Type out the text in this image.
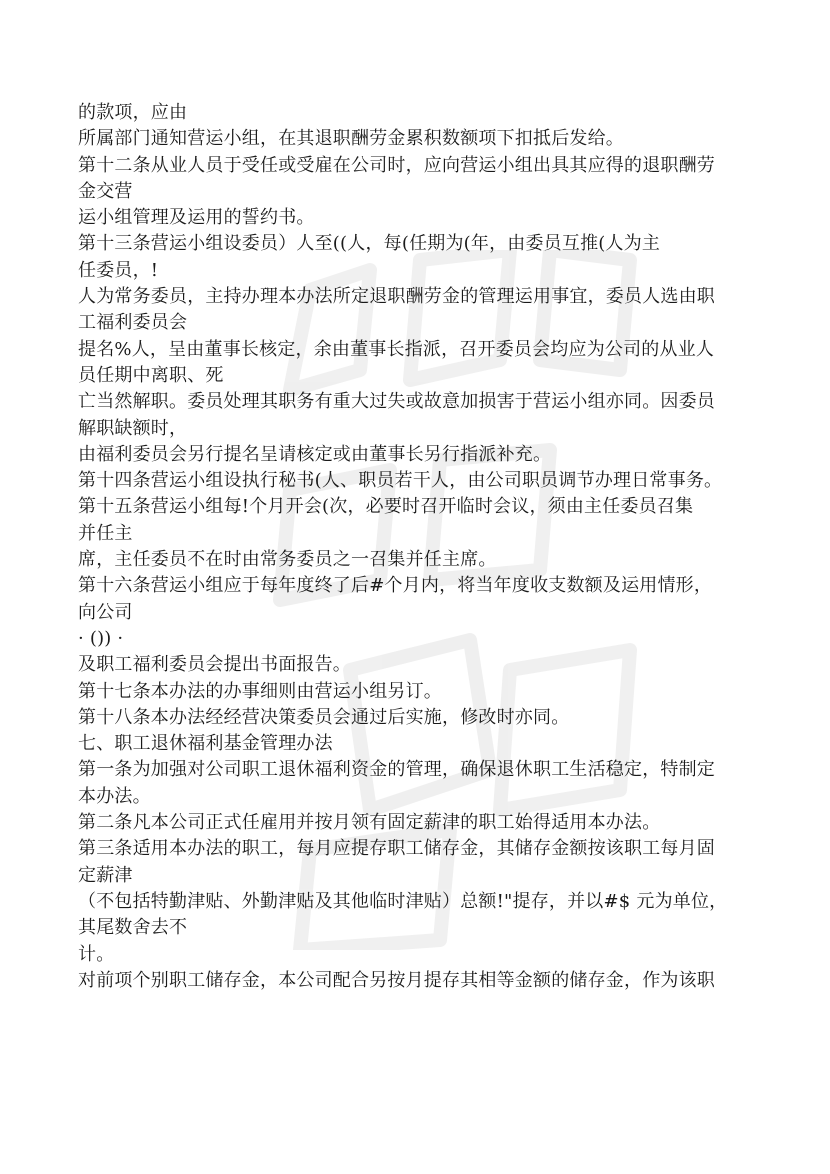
的款项，应由
所属部门通知营运小组，在其退职酬劳金累积数额项下扣抵后发给。
第十二条从业人员于受任或受雇在公司时，应向营运小组出具其应得的退职酬劳
金交营
运小组管理及运用的誓约书。
第十三条营运小组设委员）人至((人，每(任期为(年，由委员互推(人为主
任委员，!
人为常务委员，主持办理本办法所定退职酬劳金的管理运用事宜，委员人选由职
工福利委员会
提名%人，呈由董事长核定，余由董事长指派，召开委员会均应为公司的从业人
员任期中离职、死
亡当然解职。委员处理其职务有重大过失或故意加损害于营运小组亦同。因委员
解职缺额时，
由福利委员会另行提名呈请核定或由董事长另行指派补充。
第十四条营运小组设执行秘书(人、职员若干人，由公司职员调节办理日常事务。
第十五条营运小组每!个月开会(次，必要时召开临时会议，须由主任委员召集
并任主
席，主任委员不在时由常务委员之一召集并任主席。
第十六条营运小组应于每年度终了后#个月内，将当年度收支数额及运用情形，
向公司
· ()) ·
及职工福利委员会提出书面报告。
第十七条本办法的办事细则由营运小组另订。
第十八条本办法经经营决策委员会通过后实施，修改时亦同。
七、职工退休福利基金管理办法
第一条为加强对公司职工退休福利资金的管理，确保退休职工生活稳定，特制定
本办法。
第二条凡本公司正式任雇用并按月领有固定薪津的职工始得适用本办法。
第三条适用本办法的职工，每月应提存职工储存金，其储存金额按该职工每月固
定薪津
（不包括特勤津贴、外勤津贴及其他临时津贴）总额!"提存，并以#$ 元为单位，
其尾数舍去不
计。
对前项个别职工储存金，本公司配合另按月提存其相等金额的储存金，作为该职
